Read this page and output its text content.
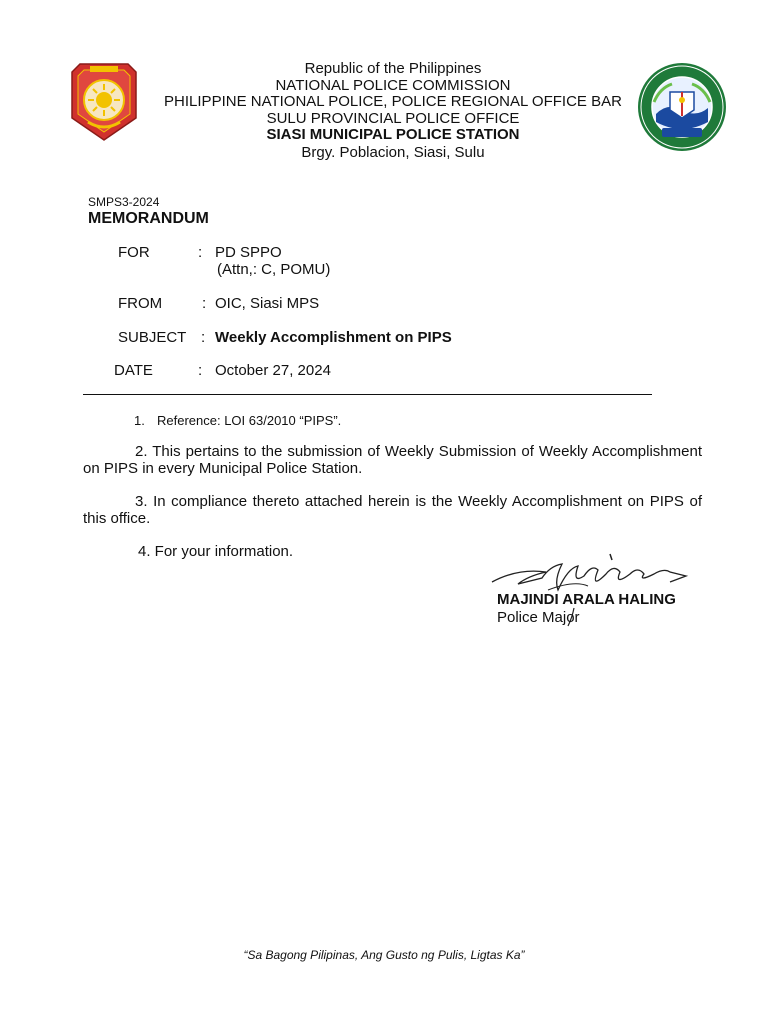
Republic of the Philippines
NATIONAL POLICE COMMISSION
PHILIPPINE NATIONAL POLICE, POLICE REGIONAL OFFICE BAR
SULU PROVINCIAL POLICE OFFICE
SIASI MUNICIPAL POLICE STATION
Brgy. Poblacion, Siasi, Sulu
SMPS3-2024
MEMORANDUM
FOR	: PD SPPO
(Attn,: C, POMU)
FROM	: OIC, Siasi MPS
SUBJECT : Weekly Accomplishment on PIPS
DATE	: October 27, 2024
1. Reference: LOI 63/2010 “PIPS”.
2. This pertains to the submission of Weekly Submission of Weekly Accomplishment on PIPS in every Municipal Police Station.
3. In compliance thereto attached herein is the Weekly Accomplishment on PIPS of this office.
4. For your information.
MAJINDI ARALA HALING
Police Major
“Sa Bagong Pilipinas, Ang Gusto ng Pulis, Ligtas Ka”
